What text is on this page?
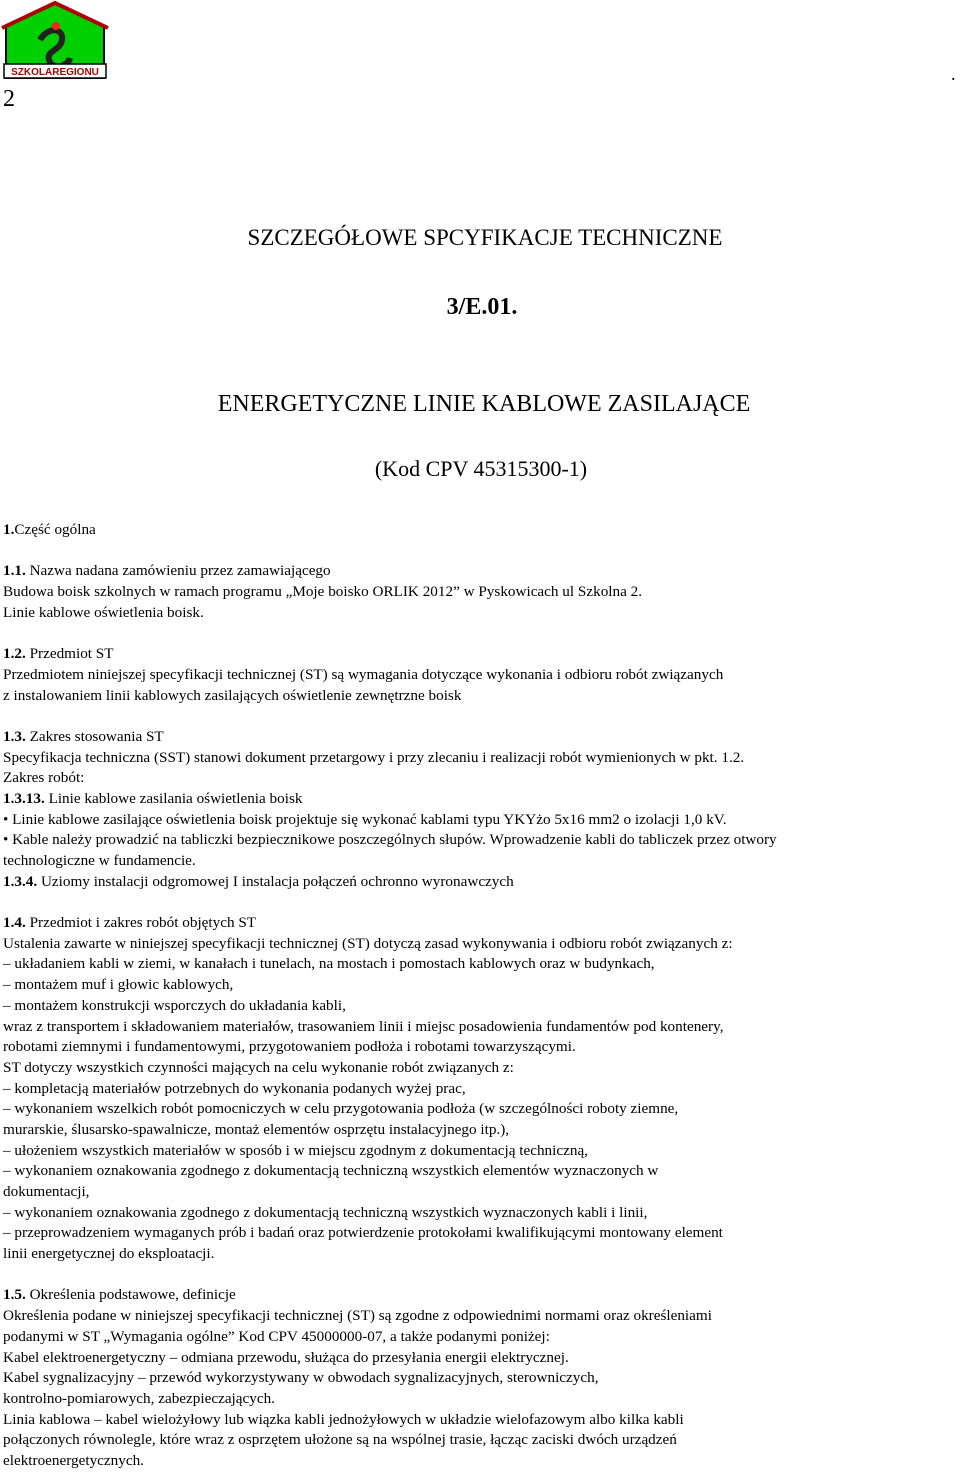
2
.
SZKOLAREGIONU
SZCZEGÓŁOWE SPCYFIKACJE TECHNICZNE
3/E.01.
ENERGETYCZNE LINIE KABLOWE ZASILAJĄCE
(Kod CPV 45315300-1)
1.Część ogólna
1.1. Nazwa nadana zamówieniu przez zamawiającego
Budowa boisk szkolnych w ramach programu „Moje boisko ORLIK 2012” w Pyskowicach ul Szkolna 2.
Linie kablowe oświetlenia boisk.
1.2. Przedmiot ST
Przedmiotem niniejszej specyfikacji technicznej (ST) są wymagania dotyczące wykonania i odbioru robót związanych
z instalowaniem linii kablowych zasilających oświetlenie zewnętrzne boisk
1.3. Zakres stosowania ST
Specyfikacja techniczna (SST) stanowi dokument przetargowy i przy zlecaniu i realizacji robót wymienionych w pkt. 1.2.
Zakres robót:
1.3.13. Linie kablowe zasilania oświetlenia boisk
• Linie kablowe zasilające oświetlenia boisk projektuje się wykonać kablami typu YKYżo 5x16 mm2 o izolacji 1,0 kV.
• Kable należy prowadzić na tabliczki bezpiecznikowe poszczególnych słupów. Wprowadzenie kabli do tabliczek przez otwory
technologiczne w fundamencie.
1.3.4. Uziomy instalacji odgromowej I instalacja połączeń ochronno wyronawczych
1.4. Przedmiot i zakres robót objętych ST
Ustalenia zawarte w niniejszej specyfikacji technicznej (ST) dotyczą zasad wykonywania i odbioru robót związanych z:
– układaniem kabli w ziemi, w kanałach i tunelach, na mostach i pomostach kablowych oraz w budynkach,
– montażem muf i głowic kablowych,
– montażem konstrukcji wsporczych do układania kabli,
wraz z transportem i składowaniem materiałów, trasowaniem linii i miejsc posadowienia fundamentów pod kontenery,
robotami ziemnymi i fundamentowymi, przygotowaniem podłoża i robotami towarzyszącymi.
ST dotyczy wszystkich czynności mających na celu wykonanie robót związanych z:
– kompletacją materiałów potrzebnych do wykonania podanych wyżej prac,
– wykonaniem wszelkich robót pomocniczych w celu przygotowania podłoża (w szczególności roboty ziemne,
murarskie, ślusarsko-spawalnicze, montaż elementów osprzętu instalacyjnego itp.),
– ułożeniem wszystkich materiałów w sposób i w miejscu zgodnym z dokumentacją techniczną,
– wykonaniem oznakowania zgodnego z dokumentacją techniczną wszystkich elementów wyznaczonych w
dokumentacji,
– wykonaniem oznakowania zgodnego z dokumentacją techniczną wszystkich wyznaczonych kabli i linii,
– przeprowadzeniem wymaganych prób i badań oraz potwierdzenie protokołami kwalifikującymi montowany element
linii energetycznej do eksploatacji.
1.5. Określenia podstawowe, definicje
Określenia podane w niniejszej specyfikacji technicznej (ST) są zgodne z odpowiednimi normami oraz określeniami
podanymi w ST „Wymagania ogólne” Kod CPV 45000000-07, a także podanymi poniżej:
Kabel elektroenergetyczny – odmiana przewodu, służąca do przesyłania energii elektrycznej.
Kabel sygnalizacyjny – przewód wykorzystywany w obwodach sygnalizacyjnych, sterowniczych,
kontrolno-pomiarowych, zabezpieczających.
Linia kablowa – kabel wielożyłowy lub wiązka kabli jednożyłowych w układzie wielofazowym albo kilka kabli
połączonych równolegle, które wraz z osprzętem ułożone są na wspólnej trasie, łącząc zaciski dwóch urządzeń
elektroenergetycznych.
